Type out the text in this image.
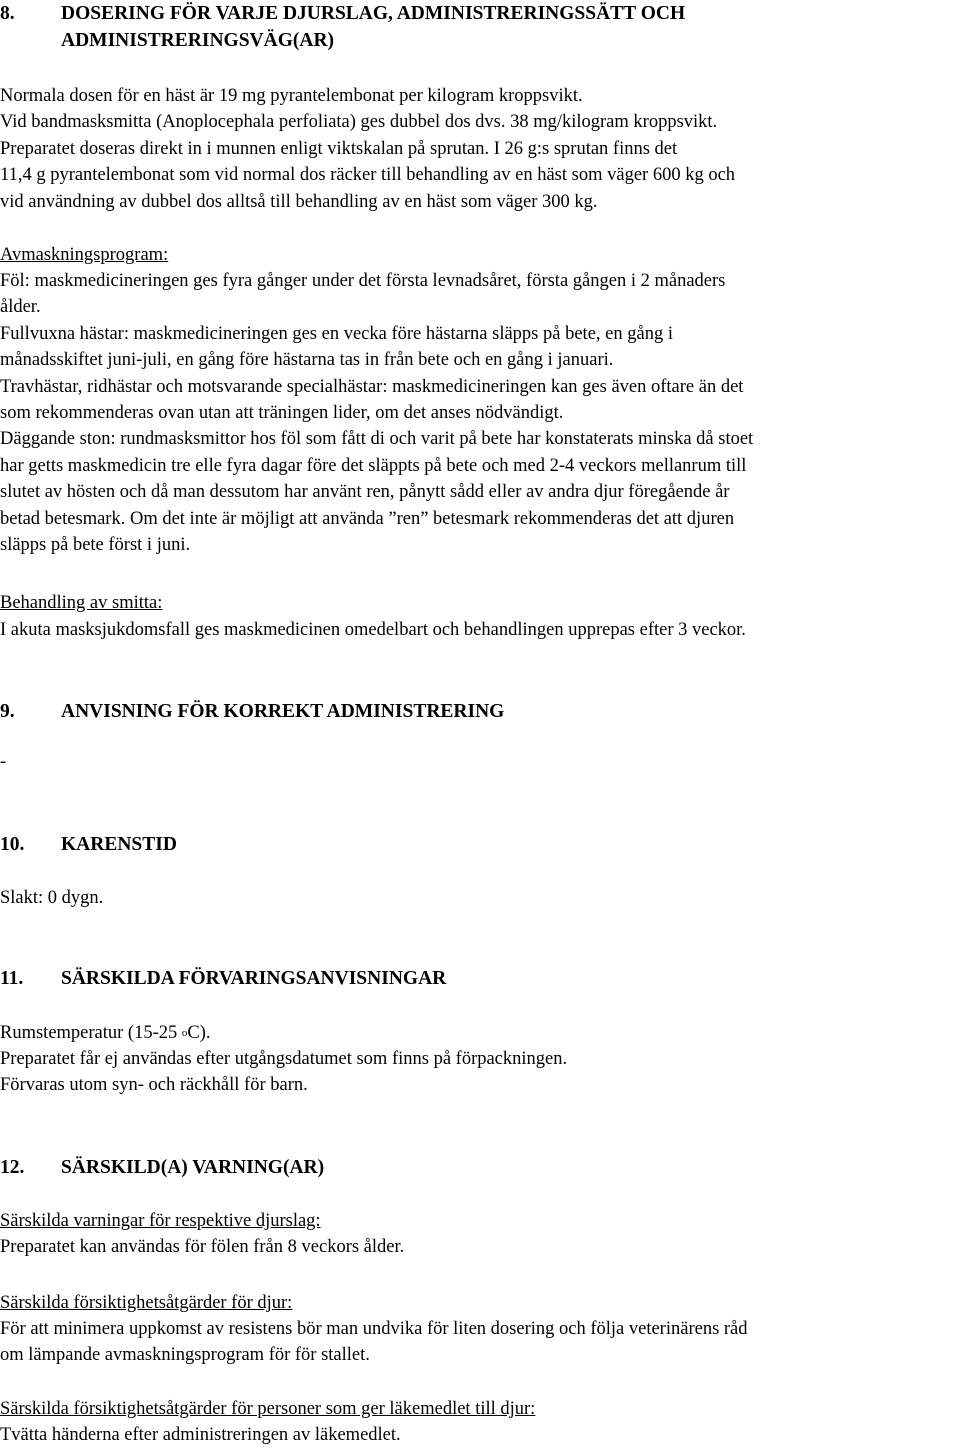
8. DOSERING FÖR VARJE DJURSLAG, ADMINISTRERINGSSÄTT OCH
ADMINISTRERINGSVÄG(AR)
Normala dosen för en häst är 19 mg pyrantelembonat per kilogram kroppsvikt.
Vid bandmasksmitta (Anoplocephala perfoliata) ges dubbel dos dvs. 38 mg/kilogram kroppsvikt.
Preparatet doseras direkt in i munnen enligt viktskalan på sprutan. I 26 g:s sprutan finns det
11,4 g pyrantelembonat som vid normal dos räcker till behandling av en häst som väger 600 kg och
vid användning av dubbel dos alltså till behandling av en häst som väger 300 kg.
Avmaskningsprogram:
Föl: maskmedicineringen ges fyra gånger under det första levnadsåret, första gången i 2 månaders
ålder.
Fullvuxna hästar: maskmedicineringen ges en vecka före hästarna släpps på bete, en gång i
månadsskiftet juni-juli, en gång före hästarna tas in från bete och en gång i januari.
Travhästar, ridhästar och motsvarande specialhästar: maskmedicineringen kan ges även oftare än det
som rekommenderas ovan utan att träningen lider, om det anses nödvändigt.
Däggande ston: rundmasksmittor hos föl som fått di och varit på bete har konstaterats minska då stoet
har getts maskmedicin tre elle fyra dagar före det släppts på bete och med 2-4 veckors mellanrum till
slutet av hösten och då man dessutom har använt ren, pånytt sådd eller av andra djur föregående år
betad betesmark. Om det inte är möjligt att använda ”ren” betesmark rekommenderas det att djuren
släpps på bete först i juni.
Behandling av smitta:
I akuta masksjukdomsfall ges maskmedicinen omedelbart och behandlingen upprepas efter 3 veckor.
9. ANVISNING FÖR KORREKT ADMINISTRERING
-
10. KARENSTID
Slakt: 0 dygn.
11. SÄRSKILDA FÖRVARINGSANVISNINGAR
Rumstemperatur (15-25 $^o$C).
Preparatet får ej användas efter utgångsdatumet som finns på förpackningen.
Förvaras utom syn- och räckhåll för barn.
12. SÄRSKILD(A) VARNING(AR)
Särskilda varningar för respektive djurslag:
Preparatet kan användas för fölen från 8 veckors ålder.
Särskilda försiktighetsåtgärder för djur:
För att minimera uppkomst av resistens bör man undvika för liten dosering och följa veterinärens råd
om lämpande avmaskningsprogram för för stallet.
Särskilda försiktighetsåtgärder för personer som ger läkemedlet till djur:
Tvätta händerna efter administreringen av läkemedlet.
